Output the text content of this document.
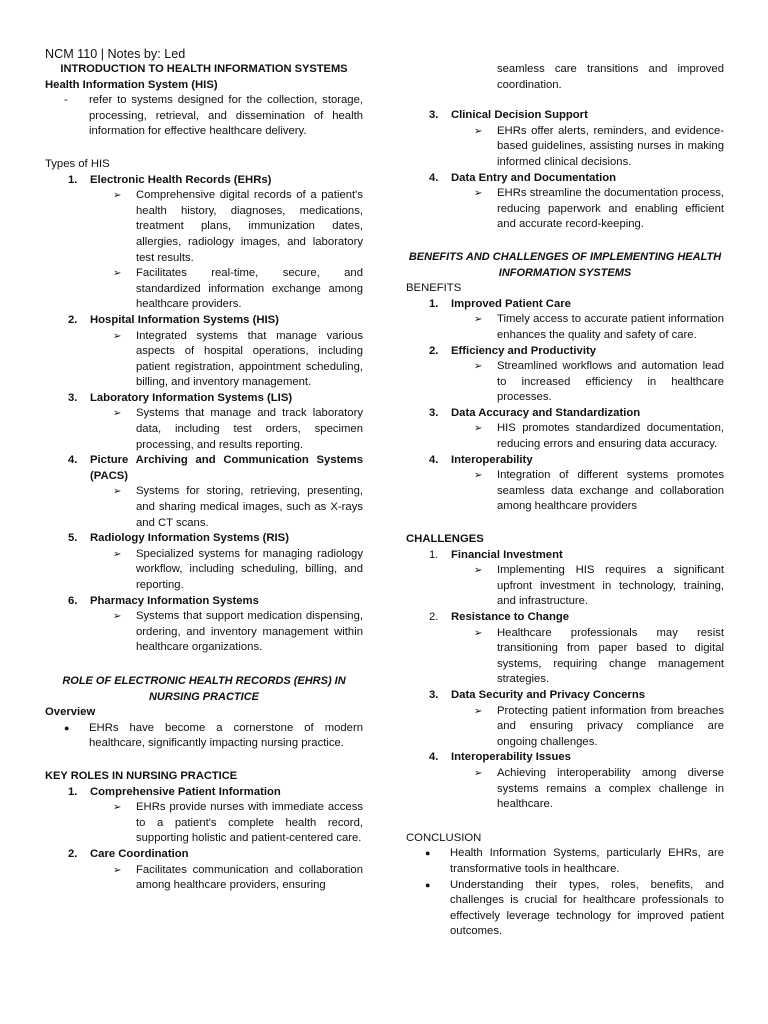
NCM 110 | Notes by: Led
INTRODUCTION TO HEALTH INFORMATION SYSTEMS
Health Information System (HIS)
-	refer to systems designed for the collection, storage, processing, retrieval, and dissemination of health information for effective healthcare delivery.
Types of HIS
1.	Electronic Health Records (EHRs)
➢	Comprehensive digital records of a patient's health history, diagnoses, medications, treatment plans, immunization dates, allergies, radiology images, and laboratory test results.
➢	Facilitates real-time, secure, and standardized information exchange among healthcare providers.
2.	Hospital Information Systems (HIS)
➢	Integrated systems that manage various aspects of hospital operations, including patient registration, appointment scheduling, billing, and inventory management.
3.	Laboratory Information Systems (LIS)
➢	Systems that manage and track laboratory data, including test orders, specimen processing, and results reporting.
4.	Picture Archiving and Communication Systems (PACS)
➢	Systems for storing, retrieving, presenting, and sharing medical images, such as X-rays and CT scans.
5.	Radiology Information Systems (RIS)
➢	Specialized systems for managing radiology workflow, including scheduling, billing, and reporting.
6.	Pharmacy Information Systems
➢	Systems that support medication dispensing, ordering, and inventory management within healthcare organizations.
ROLE OF ELECTRONIC HEALTH RECORDS (EHRS) IN NURSING PRACTICE
Overview
●	EHRs have become a cornerstone of modern healthcare, significantly impacting nursing practice.
KEY ROLES IN NURSING PRACTICE
1.	Comprehensive Patient Information
➢	EHRs provide nurses with immediate access to a patient's complete health record, supporting holistic and patient-centered care.
2.	Care Coordination
➢	Facilitates communication and collaboration among healthcare providers, ensuring
seamless care transitions and improved coordination.
3.	Clinical Decision Support
➢	EHRs offer alerts, reminders, and evidence-based guidelines, assisting nurses in making informed clinical decisions.
4.	Data Entry and Documentation
➢	EHRs streamline the documentation process, reducing paperwork and enabling efficient and accurate record-keeping.
BENEFITS AND CHALLENGES OF IMPLEMENTING HEALTH INFORMATION SYSTEMS
BENEFITS
1.	Improved Patient Care
➢	Timely access to accurate patient information enhances the quality and safety of care.
2.	Efficiency and Productivity
➢	Streamlined workflows and automation lead to increased efficiency in healthcare processes.
3.	Data Accuracy and Standardization
➢	HIS promotes standardized documentation, reducing errors and ensuring data accuracy.
4.	Interoperability
➢	Integration of different systems promotes seamless data exchange and collaboration among healthcare providers
CHALLENGES
1.	Financial Investment
➢	Implementing HIS requires a significant upfront investment in technology, training, and infrastructure.
2.	Resistance to Change
➢	Healthcare professionals may resist transitioning from paper based to digital systems, requiring change management strategies.
3.	Data Security and Privacy Concerns
➢	Protecting patient information from breaches and ensuring privacy compliance are ongoing challenges.
4.	Interoperability Issues
➢	Achieving interoperability among diverse systems remains a complex challenge in healthcare.
CONCLUSION
●	Health Information Systems, particularly EHRs, are transformative tools in healthcare.
●	Understanding their types, roles, benefits, and challenges is crucial for healthcare professionals to effectively leverage technology for improved patient outcomes.
